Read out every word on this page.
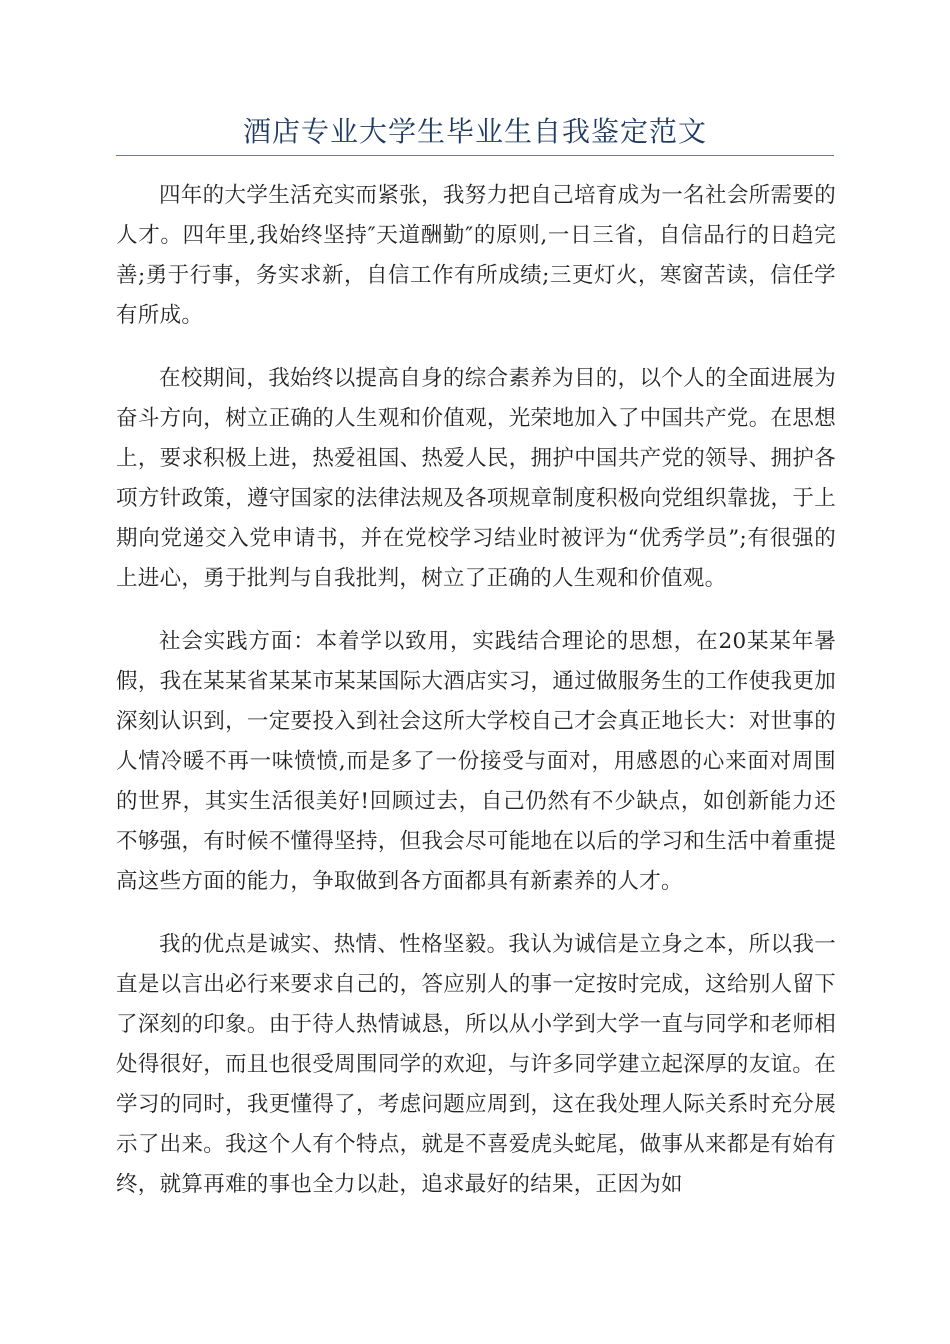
酒店专业大学生毕业生自我鉴定范文

四年的大学生活充实而紧张，我努力把自己培育成为一名社会所需要的人才。四年里,我始终坚持″天道酬勤″的原则,一日三省，自信品行的日趋完善;勇于行事，务实求新，自信工作有所成绩;三更灯火，寒窗苦读，信任学有所成。

在校期间，我始终以提高自身的综合素养为目的，以个人的全面进展为奋斗方向，树立正确的人生观和价值观，光荣地加入了中国共产党。在思想上，要求积极上进，热爱祖国、热爱人民，拥护中国共产党的领导、拥护各项方针政策，遵守国家的法律法规及各项规章制度积极向党组织靠拢，于上期向党递交入党申请书，并在党校学习结业时被评为“优秀学员”;有很强的上进心，勇于批判与自我批判，树立了正确的人生观和价值观。

社会实践方面：本着学以致用，实践结合理论的思想，在20某某年暑假，我在某某省某某市某某国际大酒店实习，通过做服务生的工作使我更加深刻认识到，一定要投入到社会这所大学校自己才会真正地长大：对世事的人情冷暖不再一味愤愤,而是多了一份接受与面对，用感恩的心来面对周围的世界，其实生活很美好!回顾过去，自己仍然有不少缺点，如创新能力还不够强，有时候不懂得坚持，但我会尽可能地在以后的学习和生活中着重提高这些方面的能力，争取做到各方面都具有新素养的人才。

我的优点是诚实、热情、性格坚毅。我认为诚信是立身之本，所以我一直是以言出必行来要求自己的，答应别人的事一定按时完成，这给别人留下了深刻的印象。由于待人热情诚恳，所以从小学到大学一直与同学和老师相处得很好，而且也很受周围同学的欢迎，与许多同学建立起深厚的友谊。在学习的同时，我更懂得了，考虑问题应周到，这在我处理人际关系时充分展示了出来。我这个人有个特点，就是不喜爱虎头蛇尾，做事从来都是有始有终，就算再难的事也全力以赴，追求最好的结果，正因为如
